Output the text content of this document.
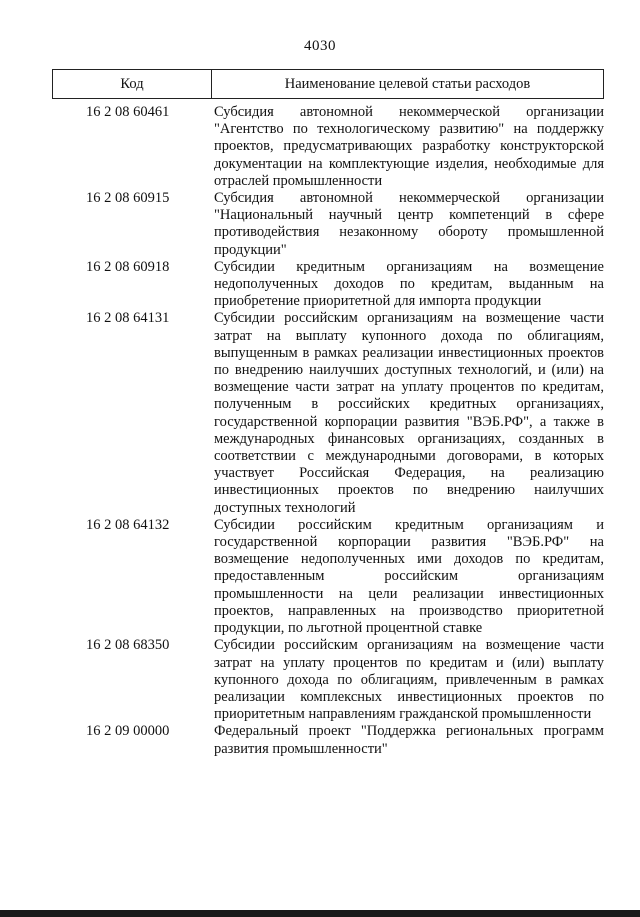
4030
Код	Наименование целевой статьи расходов
16 2 08 60461	Субсидия автономной некоммерческой организации "Агентство по технологическому развитию" на поддержку проектов, предусматривающих разработку конструкторской документации на комплектующие изделия, необходимые для отраслей промышленности
16 2 08 60915	Субсидия автономной некоммерческой организации "Национальный научный центр компетенций в сфере противодействия незаконному обороту промышленной продукции"
16 2 08 60918	Субсидии кредитным организациям на возмещение недополученных доходов по кредитам, выданным на приобретение приоритетной для импорта продукции
16 2 08 64131	Субсидии российским организациям на возмещение части затрат на выплату купонного дохода по облигациям, выпущенным в рамках реализации инвестиционных проектов по внедрению наилучших доступных технологий, и (или) на возмещение части затрат на уплату процентов по кредитам, полученным в российских кредитных организациях, государственной корпорации развития "ВЭБ.РФ", а также в международных финансовых организациях, созданных в соответствии с международными договорами, в которых участвует Российская Федерация, на реализацию инвестиционных проектов по внедрению наилучших доступных технологий
16 2 08 64132	Субсидии российским кредитным организациям и государственной корпорации развития "ВЭБ.РФ" на возмещение недополученных ими доходов по кредитам, предоставленным российским организациям промышленности на цели реализации инвестиционных проектов, направленных на производство приоритетной продукции, по льготной процентной ставке
16 2 08 68350	Субсидии российским организациям на возмещение части затрат на уплату процентов по кредитам и (или) выплату купонного дохода по облигациям, привлеченным в рамках реализации комплексных инвестиционных проектов по приоритетным направлениям гражданской промышленности
16 2 09 00000	Федеральный проект "Поддержка региональных программ развития промышленности"
